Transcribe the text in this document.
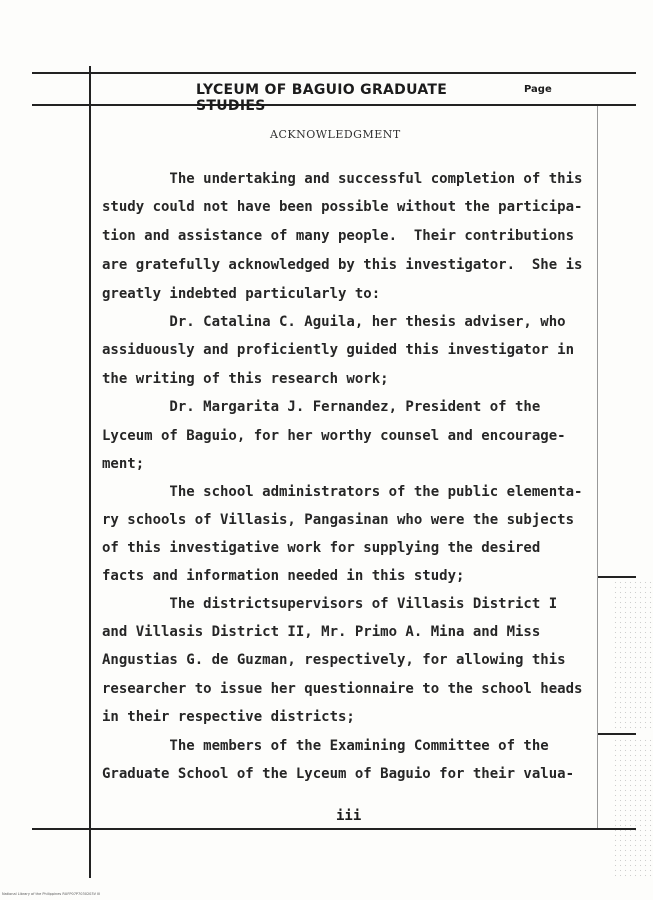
LYCEUM OF BAGUIO GRADUATE STUDIES
Page
ACKNOWLEDGMENT
The undertaking and successful completion of this
study could not have been possible without the participa-
tion and assistance of many people.  Their contributions
are gratefully acknowledged by this investigator.  She is
greatly indebted particularly to:
Dr. Catalina C. Aguila, her thesis adviser, who
assiduously and proficiently guided this investigator in
the writing of this research work;
Dr. Margarita J. Fernandez, President of the
Lyceum of Baguio, for her worthy counsel and encourage-
ment;
The school administrators of the public elementa-
ry schools of Villasis, Pangasinan who were the subjects
of this investigative work for supplying the desired
facts and information needed in this study;
The districtsupervisors of Villasis District I
and Villasis District II, Mr. Primo A. Mina and Miss
Angustias G. de Guzman, respectively, for allowing this
researcher to issue her questionnaire to the school heads
in their respective districts;
The members of the Examining Committee of the
Graduate School of the Lyceum of Baguio for their valua-
iii
National Library of the Philippines RUFP07P7030203V III
